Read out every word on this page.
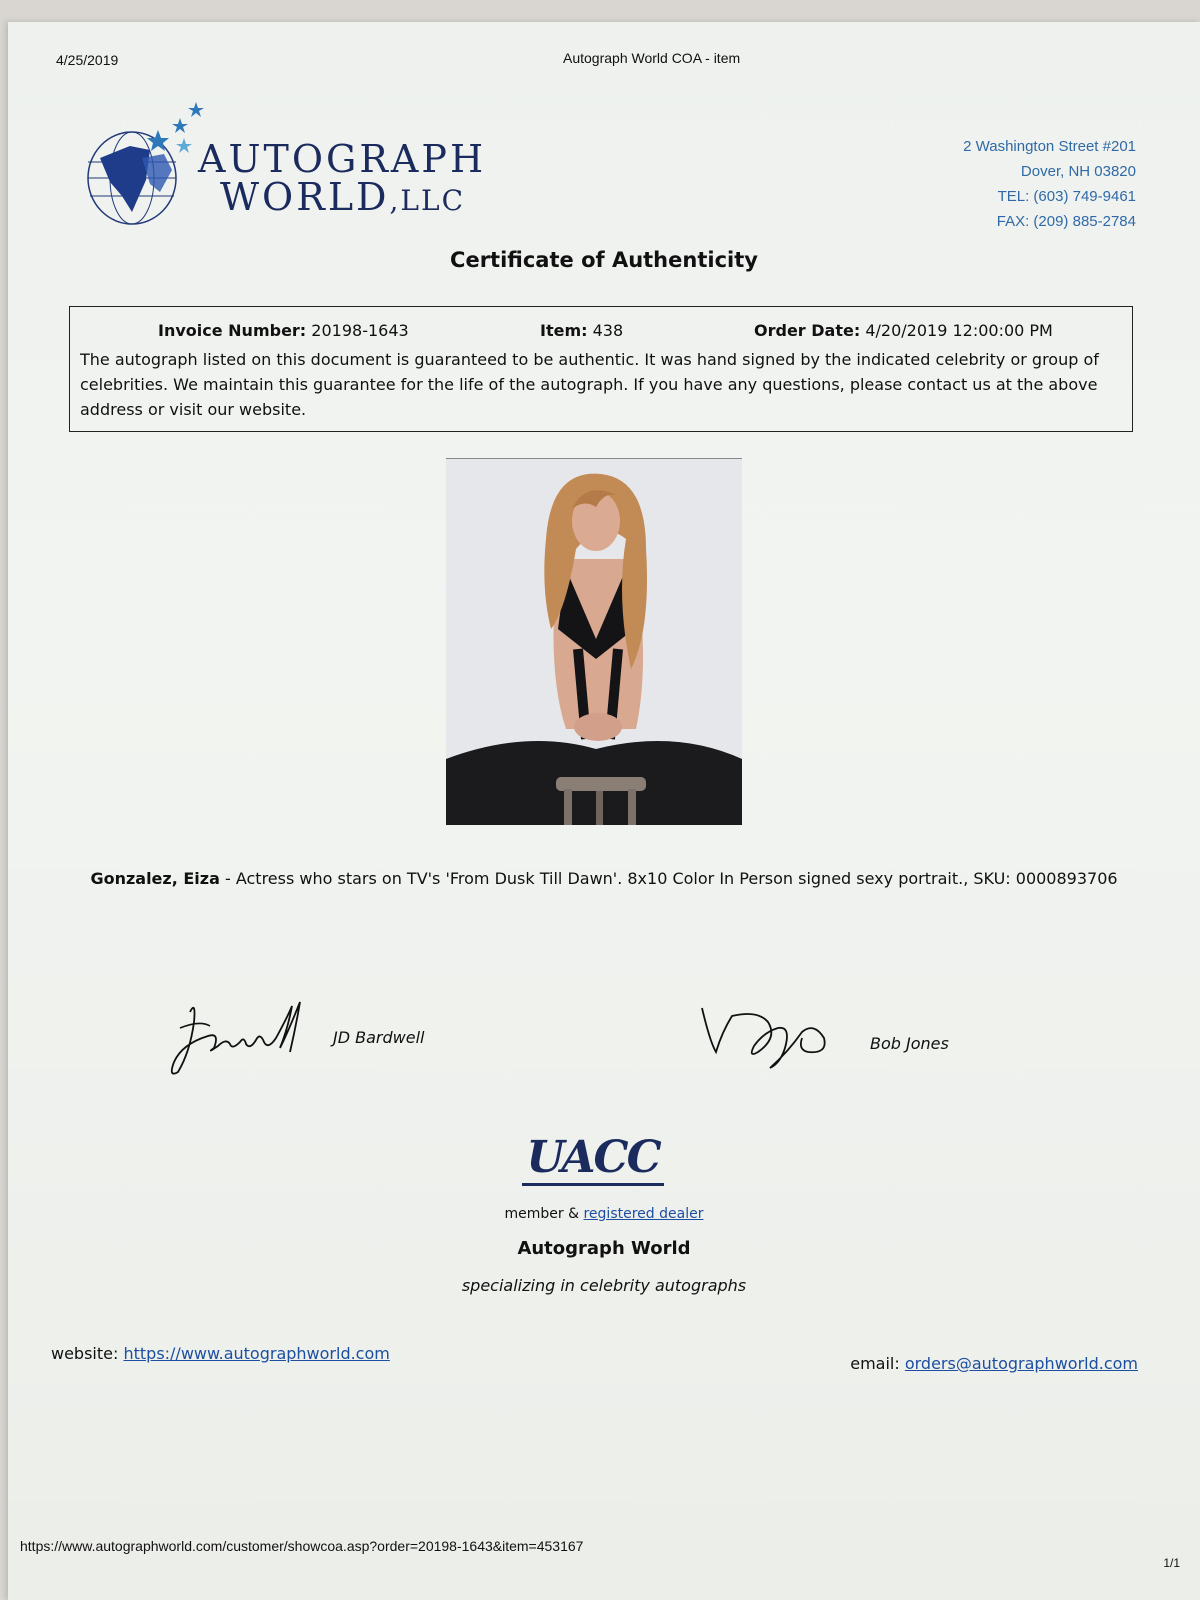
4/25/2019	Autograph World COA - item
AUTOGRAPH
WORLD,LLC
2 Washington Street #201
Dover, NH 03820
TEL: (603) 749-9461
FAX: (209) 885-2784
Certificate of Authenticity
Invoice Number: 20198-1643	Item: 438	Order Date: 4/20/2019 12:00:00 PM
The autograph listed on this document is guaranteed to be authentic. It was hand signed by the indicated celebrity or group of celebrities. We maintain this guarantee for the life of the autograph. If you have any questions, please contact us at the above address or visit our website.
Gonzalez, Eiza - Actress who stars on TV's 'From Dusk Till Dawn'. 8x10 Color In Person signed sexy portrait., SKU: 0000893706
JD Bardwell	Bob Jones
UACC
member & registered dealer
Autograph World
specializing in celebrity autographs
website: https://www.autographworld.com
email: orders@autographworld.com
https://www.autographworld.com/customer/showcoa.asp?order=20198-1643&item=453167
1/1
